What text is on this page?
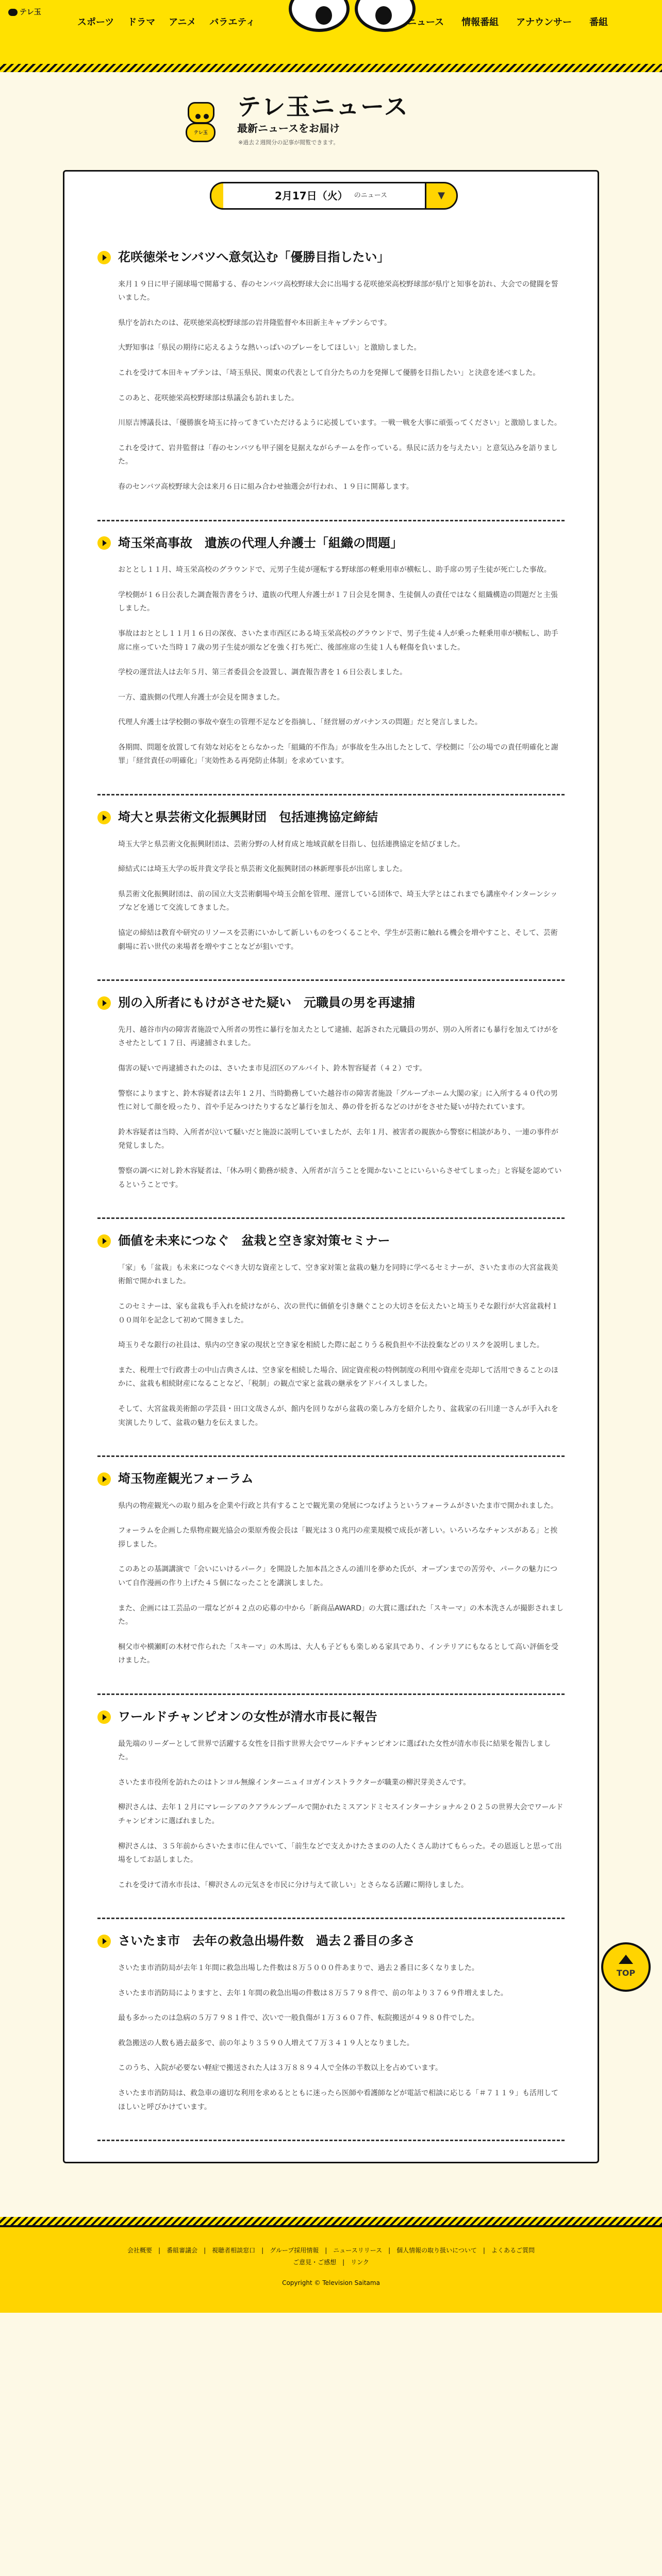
テレ玉
スポーツ ドラマ アニメ バラエティ	ニュース 情報番組 アナウンサー 番組
テレ玉
テレ玉ニュース
最新ニュースをお届け
※過去２週間分の記事が閲覧できます。
2月17日（火） のニュース	▼
花咲徳栄センバツへ意気込む「優勝目指したい」

来月１９日に甲子園球場で開幕する、春のセンバツ高校野球大会に出場する花咲徳栄高校野球部が県庁と知事を訪れ、大会での健闘を誓いました。

県庁を訪れたのは、花咲徳栄高校野球部の岩井隆監督や本田新主キャプテンらです。

大野知事は「県民の期待に応えるような熱いっぱいのプレーをしてほしい」と激励しました。

これを受けて本田キャプテンは、「埼玉県民、関東の代表として自分たちの力を発揮して優勝を目指したい」と決意を述べました。

このあと、花咲徳栄高校野球部は県議会も訪れました。

川原吉博議長は、「優勝旗を埼玉に持ってきていただけるように応援しています。一戦一戦を大事に頑張ってください」と激励しました。

これを受けて、岩井監督は「春のセンバツも甲子園を見据えながらチームを作っている。県民に活力を与えたい」と意気込みを語りました。

春のセンバツ高校野球大会は来月６日に組み合わせ抽選会が行われ、１９日に開幕します。

埼玉栄高事故　遺族の代理人弁護士「組織の問題」

おととし１１月、埼玉栄高校のグラウンドで、元男子生徒が運転する野球部の軽乗用車が横転し、助手席の男子生徒が死亡した事故。

学校側が１６日公表した調査報告書をうけ、遺族の代理人弁護士が１７日会見を開き、生徒個人の責任ではなく組織構造の問題だと主張しました。

事故はおととし１１月１６日の深夜、さいたま市西区にある埼玉栄高校のグラウンドで、男子生徒４人が乗った軽乗用車が横転し、助手席に座っていた当時１７歳の男子生徒が頭などを強く打ち死亡、後部座席の生徒１人も軽傷を負いました。

学校の運営法人は去年５月、第三者委員会を設置し、調査報告書を１６日公表しました。

一方、遺族側の代理人弁護士が会見を開きました。

代理人弁護士は学校側の事故や寮生の管理不足などを指摘し、「経営層のガバナンスの問題」だと発言しました。

各期間、問題を放置して有効な対応をとらなかった「組織的不作為」が事故を生み出したとして、学校側に「公の場での責任明確化と謝罪」「経営責任の明確化」「実効性ある再発防止体制」を求めています。

埼大と県芸術文化振興財団　包括連携協定締結

埼玉大学と県芸術文化振興財団は、芸術分野の人材育成と地域貢献を目指し、包括連携協定を結びました。

締結式には埼玉大学の坂井貴文学長と県芸術文化振興財団の林新理事長が出席しました。

県芸術文化振興財団は、前の国立大支芸術劇場や埼玉会館を管理、運営している団体で、埼玉大学とはこれまでも講座やインターンシップなどを通じて交流してきました。

協定の締結は教育や研究のリソースを芸術にいかして新しいものをつくることや、学生が芸術に触れる機会を増やすこと、そして、芸術劇場に若い世代の来場者を増やすことなどが狙いです。

別の入所者にもけがさせた疑い　元職員の男を再逮捕

先月、越谷市内の障害者施設で入所者の男性に暴行を加えたとして逮捕、起訴された元職員の男が、別の入所者にも暴行を加えてけがをさせたとして１７日、再逮捕されました。

傷害の疑いで再逮捕されたのは、さいたま市見沼区のアルバイト、鈴木智容疑者（４２）です。

警察によりますと、鈴木容疑者は去年１２月、当時勤務していた越谷市の障害者施設「グループホーム大閣の家」に入所する４０代の男性に対して顔を殴ったり、首や手足みつけたりするなど暴行を加え、鼻の骨を折るなどのけがをさせた疑いが持たれています。

鈴木容疑者は当時、入所者が泣いて騒いだと施設に説明していましたが、去年１月、被害者の親族から警察に相談があり、一連の事件が発覚しました。

警察の調べに対し鈴木容疑者は、「休み明く勤務が続き、入所者が言うことを聞かないことにいらいらさせてしまった」と容疑を認めているということです。

価値を未来につなぐ　盆栽と空き家対策セミナー

「家」も「盆栽」も未来につなぐべき大切な資産として、空き家対策と盆栽の魅力を同時に学べるセミナーが、さいたま市の大宮盆栽美術館で開かれました。

このセミナーは、家も盆栽も手入れを続けながら、次の世代に価値を引き継ぐことの大切さを伝えたいと埼玉りそな銀行が大宮盆栽村１００周年を記念して初めて開きました。

埼玉りそな銀行の社員は、県内の空き家の現状と空き家を相続した際に起こりうる税負担や不法投棄などのリスクを説明しました。

また、税理士で行政書士の中山吉典さんは、空き家を相続した場合、固定資産税の特例制度の利用や資産を売却して活用できることのほかに、盆栽も相続財産になることなど、「税制」の観点で家と盆栽の継承をアドバイスしました。

そして、大宮盆栽美術館の学芸員・田口文哉さんが、館内を回りながら盆栽の楽しみ方を紹介したり、盆栽家の石川達一さんが手入れを実演したりして、盆栽の魅力を伝えました。

埼玉物産観光フォーラム

県内の物産観光への取り組みを企業や行政と共有することで観光業の発展につなげようというフォーラムがさいたま市で開かれました。

フォーラムを企画した県物産観光協会の栗原秀俊会長は「観光は３０兆円の産業規模で成長が著しい。いろいろなチャンスがある」と挨拶しました。

このあとの基調講演で「会いにいけるパーク」を開設した加本昌之さんの浦川を夢めた氏が、オープンまでの苦労や、パークの魅力について自作漫画の作り上げた４５個になったことを講演しました。

また、企画には工芸品の一環などが４２点の応募の中から「新商品AWARD」の大賞に選ばれた「スキーマ」の木本洗さんが撮影されました。

桐父市や横瀬町の木材で作られた「スキーマ」の木馬は、大人も子どもも楽しめる家具であり、インテリアにもなるとして高い評価を受けました。

ワールドチャンピオンの女性が清水市長に報告

最先端のリーダーとして世界で活躍する女性を目指す世界大会でワールドチャンピオンに選ばれた女性が清水市長に結果を報告しました。

さいたま市役所を訪れたのはトンヨル無線インターニュイヨガインストラクターが職業の柳沢芽美さんです。

柳沢さんは、去年１２月にマレーシアのクアラルンプールで開かれたミスアンドミセスインターナショナル２０２５の世界大会でワールドチャンピオンに選ばれました。

柳沢さんは、３５年前からさいたま市に住んでいて、「前生などで支えかけたさまのの人たくさん助けてもらった。その恩返しと思って出場をしてお話しました。

これを受けて清水市長は、「柳沢さんの元気さを市民に分け与えて欲しい」とさらなる活躍に期待しました。

さいたま市　去年の救急出場件数　過去２番目の多さ

さいたま市消防局が去年１年間に救急出場した件数は８万５０００件あまりで、過去２番目に多くなりました。

さいたま市消防局によりますと、去年１年間の救急出場の件数は８万５７９８件で、前の年より３７６９件増えました。

最も多かったのは急病の５万７９８１件で、次いで一般負傷が１万３６０７件、転院搬送が４９８０件でした。

救急搬送の人数も過去最多で、前の年より３５９０人増えて７万３４１９人となりました。

このうち、入院が必要ない軽症で搬送された人は３万８８９４人で全体の半数以上を占めています。

さいたま市消防局は、救急車の適切な利用を求めるとともに迷ったら医師や看護師などが電話で相談に応じる「＃７１１９」も活用してほしいと呼びかけています。

TOP
会社概要 | 番組審議会 | 視聴者相談窓口 | グループ採用情報 | ニュースリリース | 個人情報の取り扱いについて | よくあるご質問
ご意見・ご感想 | リンク
Copyright © Television Saitama
